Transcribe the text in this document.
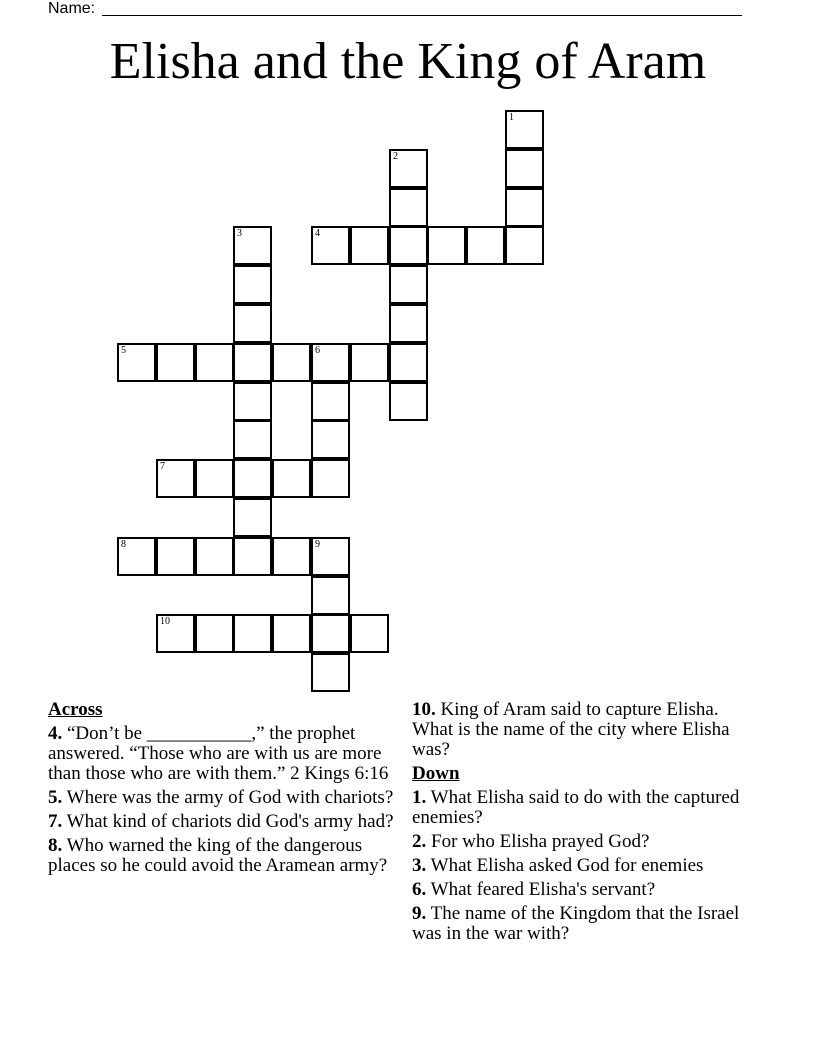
Name:
Elisha and the King of Aram
1
2
4
3
5	6
7
8	9
10
Across

4. “Don’t be ___________,” the prophet answered. “Those who are with us are more than those who are with them.” 2 Kings 6:16

5. Where was the army of God with chariots?

7. What kind of chariots did God's army had?

8. Who warned the king of the dangerous places so he could avoid the Aramean army?

10. King of Aram said to capture Elisha. What is the name of the city where Elisha was?

Down

1. What Elisha said to do with the captured enemies?

2. For who Elisha prayed God?

3. What Elisha asked God for enemies

6. What feared Elisha's servant?

9. The name of the Kingdom that the Israel was in the war with?
